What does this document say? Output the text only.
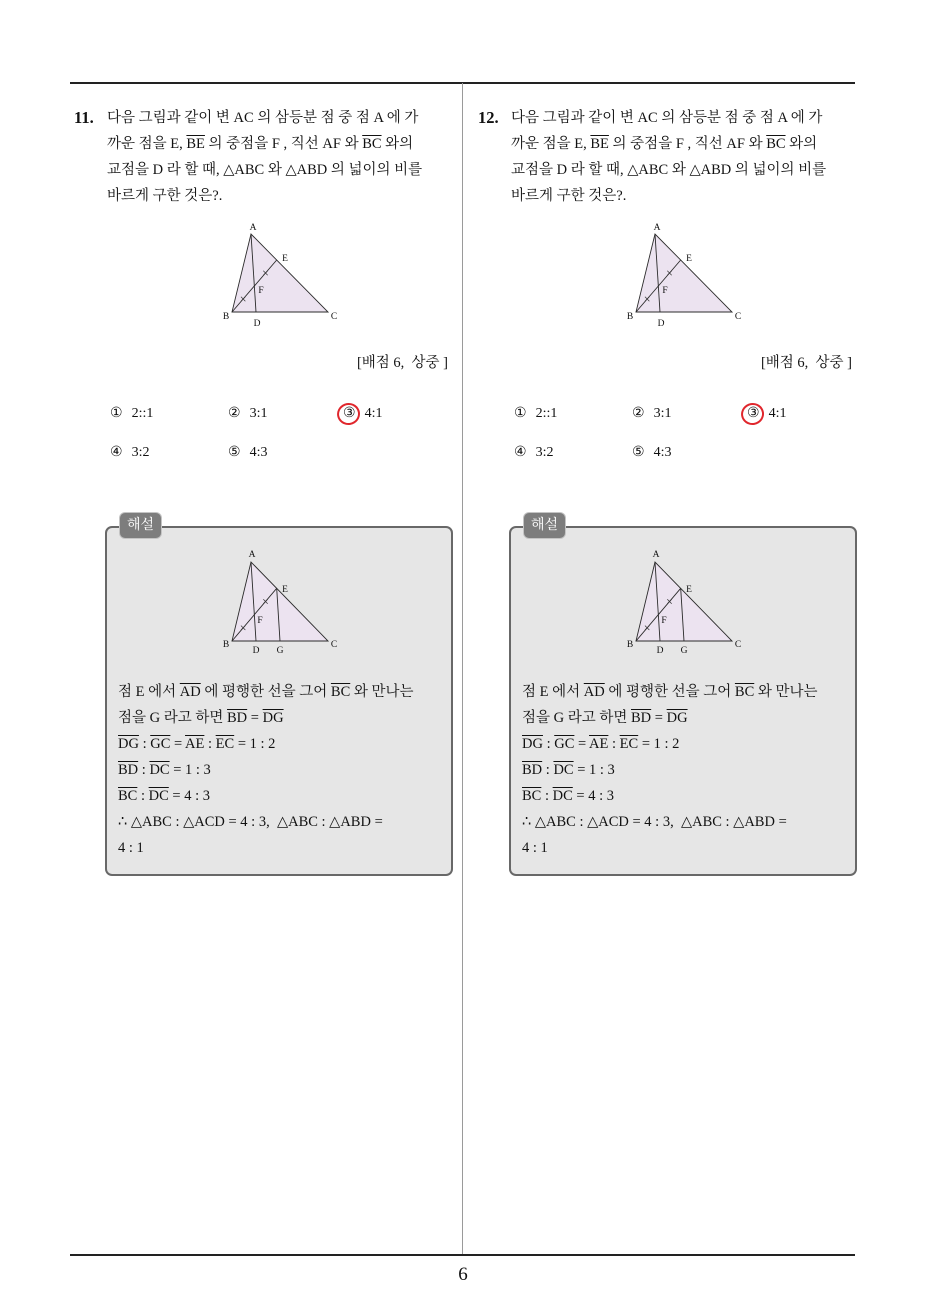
6
11. 다음 그림과 같이 변 AC 의 삼등분 점 중 점 A 에 가
까운 점을 E, $\overline{BE}$ 의 중점을 F , 직선 AF 와 $\overline{BC}$ 와의
교점을 D 라 할 때, △ABC 와 △ABD 의 넓이의 비를
바르게 구한 것은?.
A
E
F
B
D
C
[배점 6,  상중 ]
① 2::1	② 3:1	③ 4:1
④ 3:2	⑤ 4:3
해설
A
E
F
B
D G
C
점 E 에서 $\overline{AD}$ 에 평행한 선을 그어 $\overline{BC}$ 와 만나는
점을 G 라고 하면 $\overline{BD} = \overline{DG}$
$\overline{DG}$ : $\overline{GC} = \overline{AE}$ : $\overline{EC} = 1$ : 2
$\overline{BD}$ : $\overline{DC} = 1$ : 3
$\overline{BC}$ : $\overline{DC} = 4$ : 3
∴ △ABC : △ACD = 4 : 3,  △ABC : △ABD =
4 : 1
12. 다음 그림과 같이 변 AC 의 삼등분 점 중 점 A 에 가
까운 점을 E, $\overline{BE}$ 의 중점을 F , 직선 AF 와 $\overline{BC}$ 와의
교점을 D 라 할 때, △ABC 와 △ABD 의 넓이의 비를
바르게 구한 것은?.
A
E
F
B
D
C
[배점 6,  상중 ]
① 2::1	② 3:1	③ 4:1
④ 3:2	⑤ 4:3
해설
A
E
F
B
D G
C
점 E 에서 $\overline{AD}$ 에 평행한 선을 그어 $\overline{BC}$ 와 만나는
점을 G 라고 하면 $\overline{BD} = \overline{DG}$
$\overline{DG}$ : $\overline{GC} = \overline{AE}$ : $\overline{EC} = 1$ : 2
$\overline{BD}$ : $\overline{DC} = 1$ : 3
$\overline{BC}$ : $\overline{DC} = 4$ : 3
∴ △ABC : △ACD = 4 : 3,  △ABC : △ABD =
4 : 1
